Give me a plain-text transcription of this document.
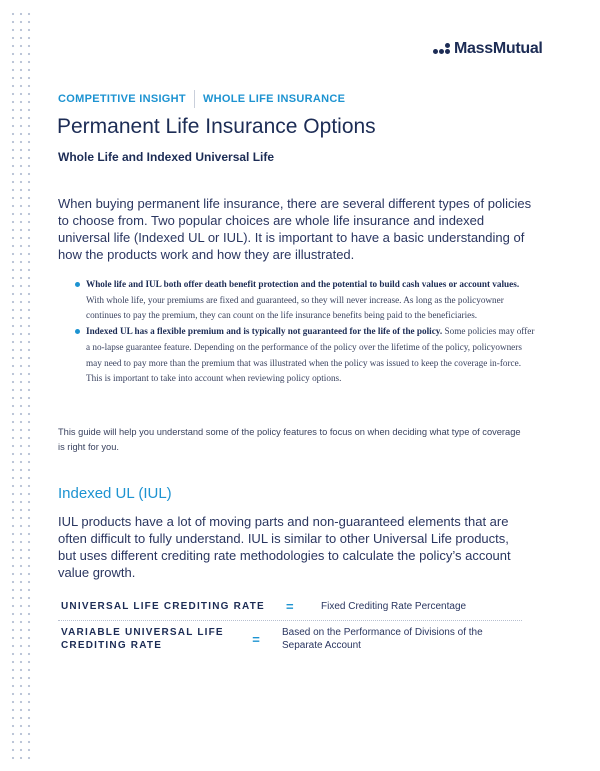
MassMutual
COMPETITIVE INSIGHT WHOLE LIFE INSURANCE
Permanent Life Insurance Options
Whole Life and Indexed Universal Life

When buying permanent life insurance, there are several different types of policies to choose from. Two popular choices are whole life insurance and indexed universal life (Indexed UL or IUL). It is important to have a basic understanding of how the products work and how they are illustrated.

Whole life and IUL both offer death benefit protection and the potential to build cash values or account values. With whole life, your premiums are fixed and guaranteed, so they will never increase. As long as the policyowner continues to pay the premium, they can count on the life insurance benefits being paid to the beneficiaries.
Indexed UL has a flexible premium and is typically not guaranteed for the life of the policy. Some policies may offer a no-lapse guarantee feature. Depending on the performance of the policy over the lifetime of the policy, policyowners may need to pay more than the premium that was illustrated when the policy was issued to keep the coverage in-force. This is important to take into account when reviewing policy options.

This guide will help you understand some of the policy features to focus on when deciding what type of coverage is right for you.

Indexed UL (IUL)

IUL products have a lot of moving parts and non-guaranteed elements that are often difficult to fully understand. IUL is similar to other Universal Life products, but uses different crediting rate methodologies to calculate the policy’s account value growth.

UNIVERSAL LIFE CREDITING RATE	=	Fixed Crediting Rate Percentage
VARIABLE UNIVERSAL LIFE CREDITING RATE	=	Based on the Performance of Divisions of the Separate Account
